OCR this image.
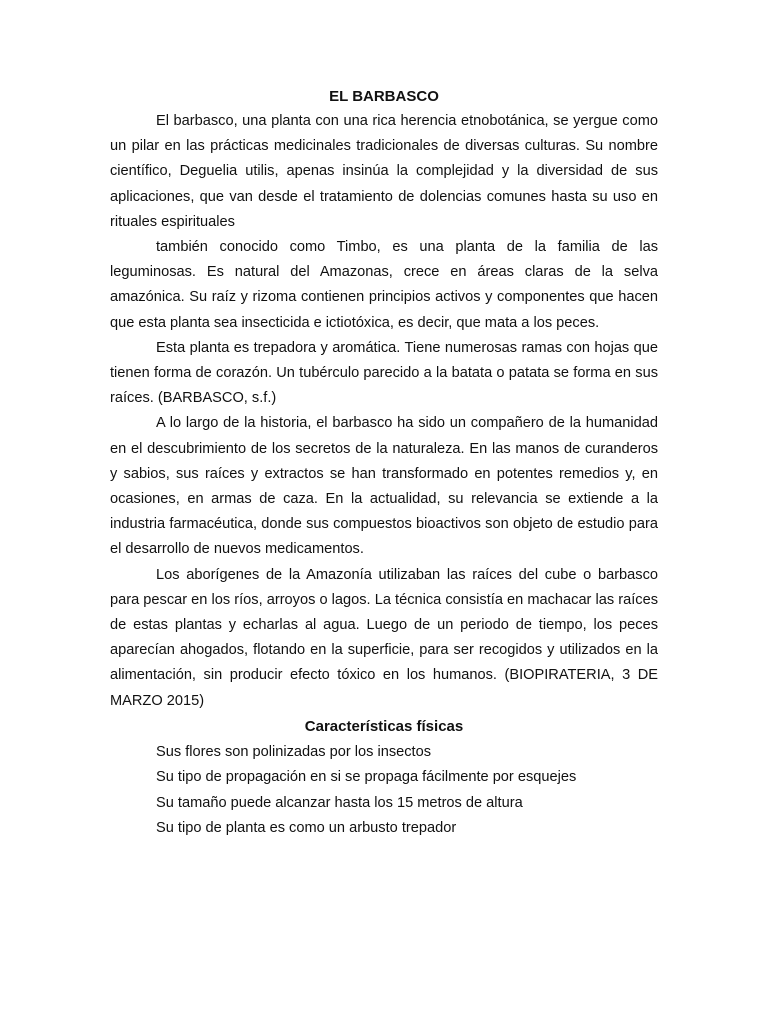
EL BARBASCO

El barbasco, una planta con una rica herencia etnobotánica, se yergue como un pilar en las prácticas medicinales tradicionales de diversas culturas. Su nombre científico, Deguelia utilis, apenas insinúa la complejidad y la diversidad de sus aplicaciones, que van desde el tratamiento de dolencias comunes hasta su uso en rituales espirituales

también conocido como Timbo, es una planta de la familia de las leguminosas. Es natural del Amazonas, crece en áreas claras de la selva amazónica. Su raíz y rizoma contienen principios activos y componentes que hacen que esta planta sea insecticida e ictiotóxica, es decir, que mata a los peces.

Esta planta es trepadora y aromática. Tiene numerosas ramas con hojas que tienen forma de corazón. Un tubérculo parecido a la batata o patata se forma en sus raíces. (BARBASCO, s.f.)

A lo largo de la historia, el barbasco ha sido un compañero de la humanidad en el descubrimiento de los secretos de la naturaleza. En las manos de curanderos y sabios, sus raíces y extractos se han transformado en potentes remedios y, en ocasiones, en armas de caza. En la actualidad, su relevancia se extiende a la industria farmacéutica, donde sus compuestos bioactivos son objeto de estudio para el desarrollo de nuevos medicamentos.

Los aborígenes de la Amazonía utilizaban las raíces del cube o barbasco para pescar en los ríos, arroyos o lagos. La técnica consistía en machacar las raíces de estas plantas y echarlas al agua. Luego de un periodo de tiempo, los peces aparecían ahogados, flotando en la superficie, para ser recogidos y utilizados en la alimentación, sin producir efecto tóxico en los humanos. (BIOPIRATERIA, 3 DE MARZO 2015)

Características físicas

Sus flores son polinizadas por los insectos

Su tipo de propagación en si se propaga fácilmente por esquejes

Su tamaño puede alcanzar hasta los 15 metros de altura

Su tipo de planta es como un arbusto trepador
